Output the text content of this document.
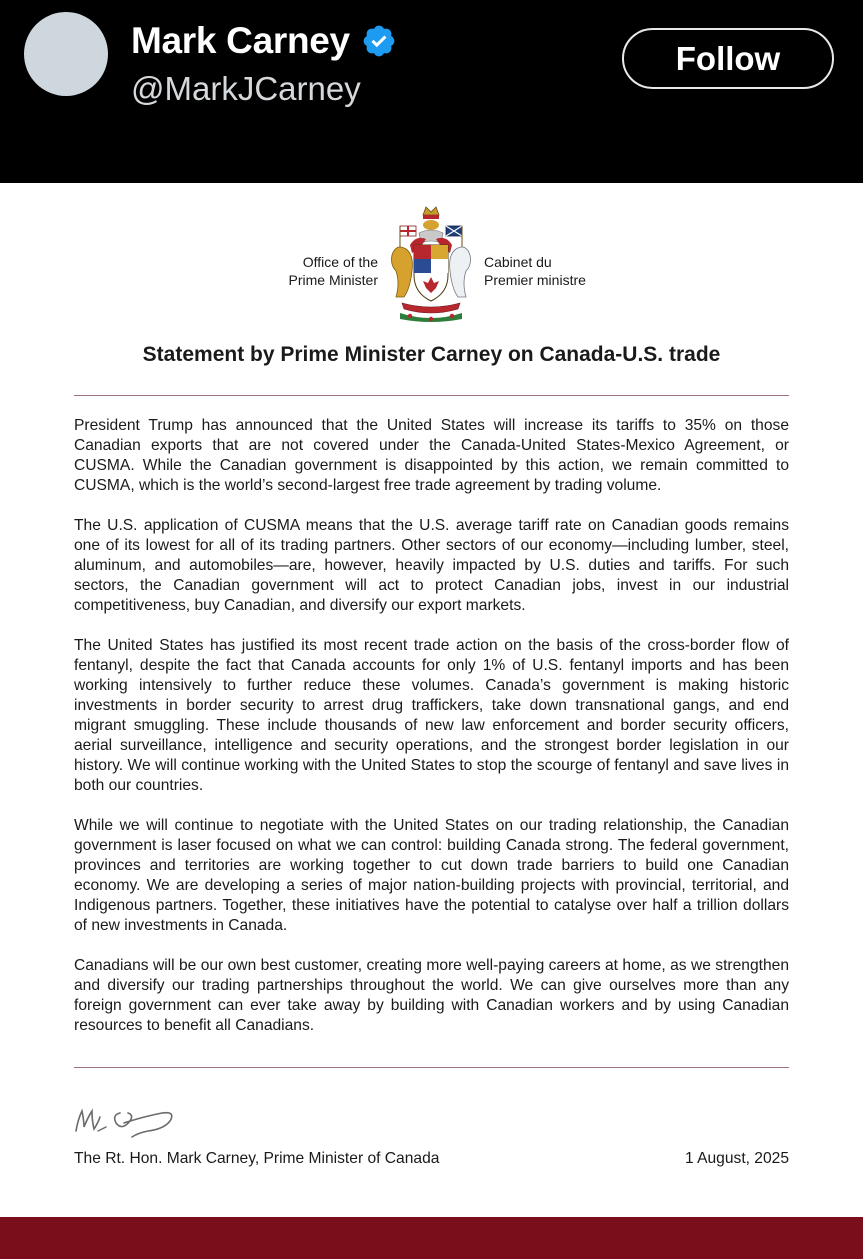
Mark Carney
@MarkJCarney
Follow
Office of the
Prime Minister
Cabinet du
Premier ministre
Statement by Prime Minister Carney on Canada-U.S. trade

President Trump has announced that the United States will increase its tariffs to 35% on those Canadian exports that are not covered under the Canada-United States-Mexico Agreement, or CUSMA. While the Canadian government is disappointed by this action, we remain committed to CUSMA, which is the world’s second-largest free trade agreement by trading volume.

The U.S. application of CUSMA means that the U.S. average tariff rate on Canadian goods remains one of its lowest for all of its trading partners. Other sectors of our economy—including lumber, steel, aluminum, and automobiles—are, however, heavily impacted by U.S. duties and tariffs. For such sectors, the Canadian government will act to protect Canadian jobs, invest in our industrial competitiveness, buy Canadian, and diversify our export markets.

The United States has justified its most recent trade action on the basis of the cross-border flow of fentanyl, despite the fact that Canada accounts for only 1% of U.S. fentanyl imports and has been working intensively to further reduce these volumes. Canada’s government is making historic investments in border security to arrest drug traffickers, take down transnational gangs, and end migrant smuggling. These include thousands of new law enforcement and border security officers, aerial surveillance, intelligence and security operations, and the strongest border legislation in our history. We will continue working with the United States to stop the scourge of fentanyl and save lives in both our countries.

While we will continue to negotiate with the United States on our trading relationship, the Canadian government is laser focused on what we can control: building Canada strong. The federal government, provinces and territories are working together to cut down trade barriers to build one Canadian economy. We are developing a series of major nation-building projects with provincial, territorial, and Indigenous partners. Together, these initiatives have the potential to catalyse over half a trillion dollars of new investments in Canada.

Canadians will be our own best customer, creating more well-paying careers at home, as we strengthen and diversify our trading partnerships throughout the world. We can give ourselves more than any foreign government can ever take away by building with Canadian workers and by using Canadian resources to benefit all Canadians.

The Rt. Hon. Mark Carney, Prime Minister of Canada	1 August, 2025
